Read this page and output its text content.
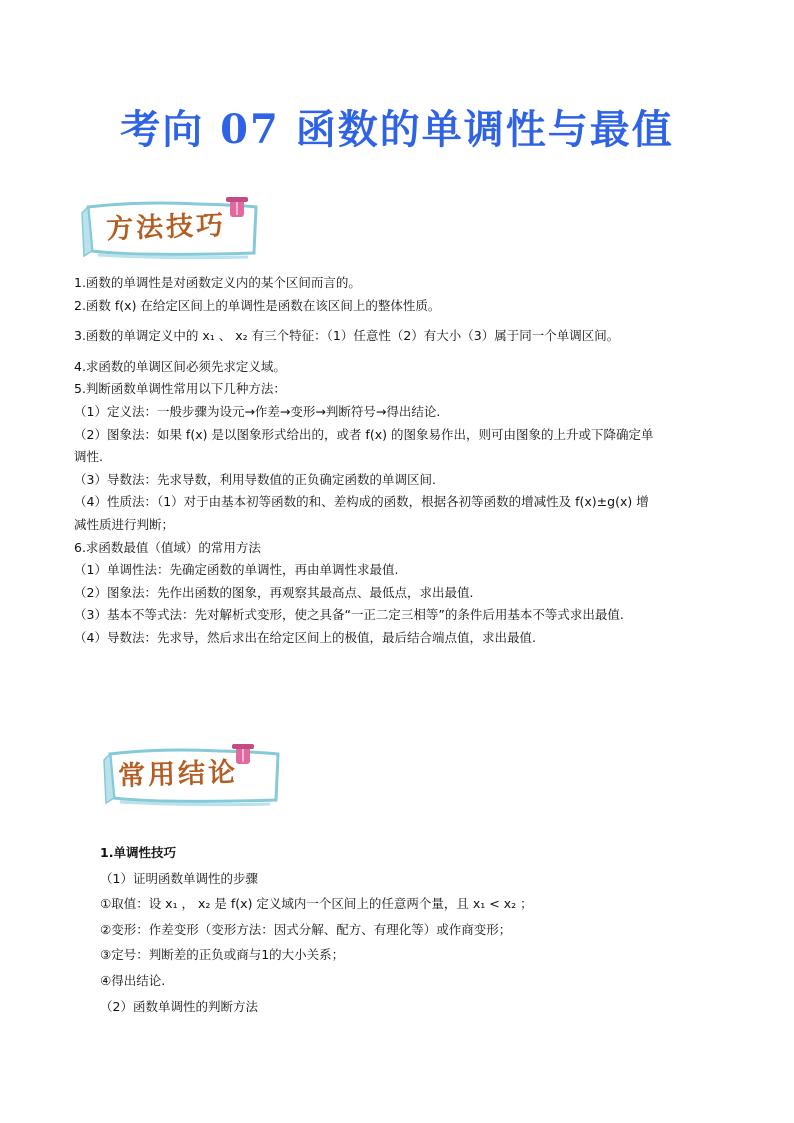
考向 07 函数的单调性与最值
方法技巧
1.函数的单调性是对函数定义内的某个区间而言的。
2.函数 f(x) 在给定区间上的单调性是函数在该区间上的整体性质。
3.函数的单调定义中的 x₁ 、 x₂ 有三个特征：（1）任意性（2）有大小（3）属于同一个单调区间。
4.求函数的单调区间必须先求定义域。
5.判断函数单调性常用以下几种方法：
（1）定义法：一般步骤为设元→作差→变形→判断符号→得出结论.
（2）图象法：如果 f(x) 是以图象形式给出的，或者 f(x) 的图象易作出，则可由图象的上升或下降确定单
调性.
（3）导数法：先求导数，利用导数值的正负确定函数的单调区间.
（4）性质法：（1）对于由基本初等函数的和、差构成的函数，根据各初等函数的增减性及 f(x)±g(x) 增
减性质进行判断；
6.求函数最值（值域）的常用方法
（1）单调性法：先确定函数的单调性，再由单调性求最值.
（2）图象法：先作出函数的图象，再观察其最高点、最低点，求出最值.
（3）基本不等式法：先对解析式变形，使之具备“一正二定三相等”的条件后用基本不等式求出最值.
（4）导数法：先求导，然后求出在给定区间上的极值，最后结合端点值，求出最值.
常用结论
1.单调性技巧
（1）证明函数单调性的步骤
①取值：设 x₁ ， x₂ 是 f(x) 定义域内一个区间上的任意两个量，且 x₁ < x₂ ；
②变形：作差变形（变形方法：因式分解、配方、有理化等）或作商变形；
③定号：判断差的正负或商与1的大小关系；
④得出结论.
（2）函数单调性的判断方法
